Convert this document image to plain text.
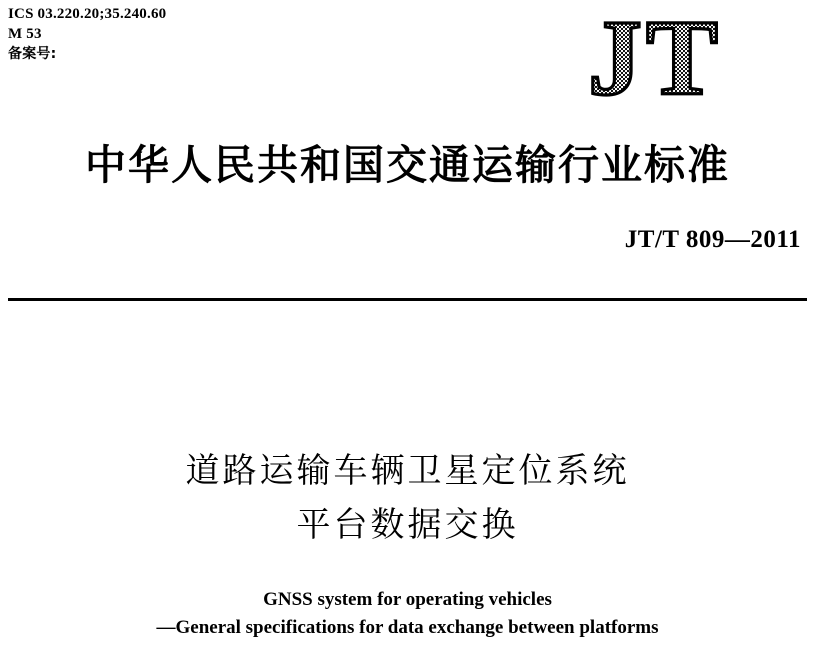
ICS 03.220.20;35.240.60
M 53
备案号:	JT
中华人民共和国交通运输行业标准
JT/T 809—2011
道路运输车辆卫星定位系统
平台数据交换
GNSS system for operating vehicles
—General specifications for data exchange between platforms
